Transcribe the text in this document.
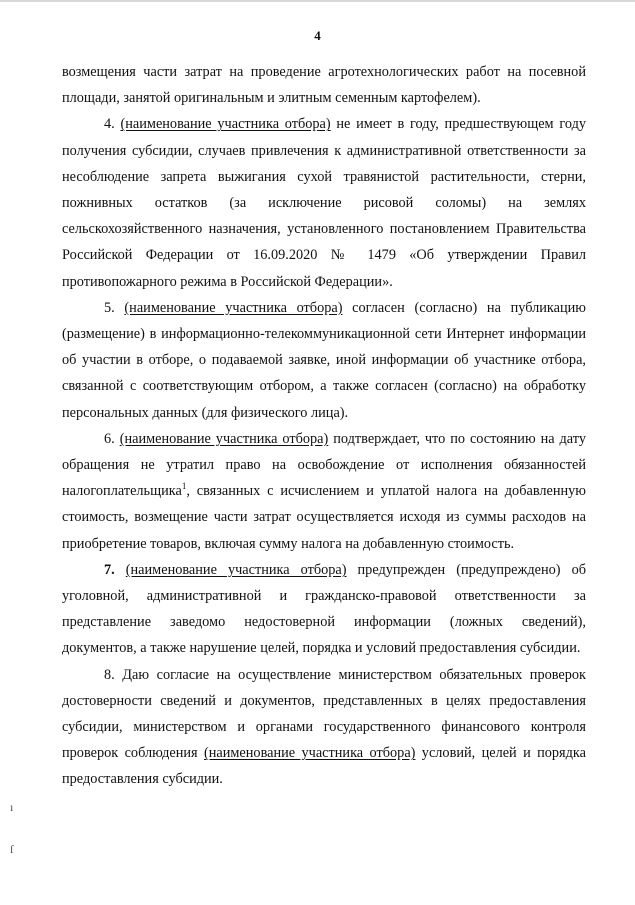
4

возмещения части затрат на проведение агротехнологических работ на посевной площади, занятой оригинальным и элитным семенным картофелем).

4. (наименование участника отбора) не имеет в году, предшествующем году получения субсидии, случаев привлечения к административной ответственности за несоблюдение запрета выжигания сухой травянистой растительности, стерни, пожнивных остатков (за исключение рисовой соломы) на землях сельскохозяйственного назначения, установленного постановлением Правительства Российской Федерации от 16.09.2020 № 1479 «Об утверждении Правил противопожарного режима в Российской Федерации».

5. (наименование участника отбора) согласен (согласно) на публикацию (размещение) в информационно-телекоммуникационной сети Интернет информации об участии в отборе, о подаваемой заявке, иной информации об участнике отбора, связанной с соответствующим отбором, а также согласен (согласно) на обработку персональных данных (для физического лица).

6. (наименование участника отбора) подтверждает, что по состоянию на дату обращения не утратил право на освобождение от исполнения обязанностей налогоплательщика$^1$, связанных с исчислением и уплатой налога на добавленную стоимость, возмещение части затрат осуществляется исходя из суммы расходов на приобретение товаров, включая сумму налога на добавленную стоимость.

7. (наименование участника отбора) предупрежден (предупреждено) об уголовной, административной и гражданско-правовой ответственности за представление заведомо недостоверной информации (ложных сведений), документов, а также нарушение целей, порядка и условий предоставления субсидии.

8. Даю согласие на осуществление министерством обязательных проверок достоверности сведений и документов, представленных в целях предоставления субсидии, министерством и органами государственного финансового контроля проверок соблюдения (наименование участника отбора) условий, целей и порядка предоставления субсидии.

ı
ſ
